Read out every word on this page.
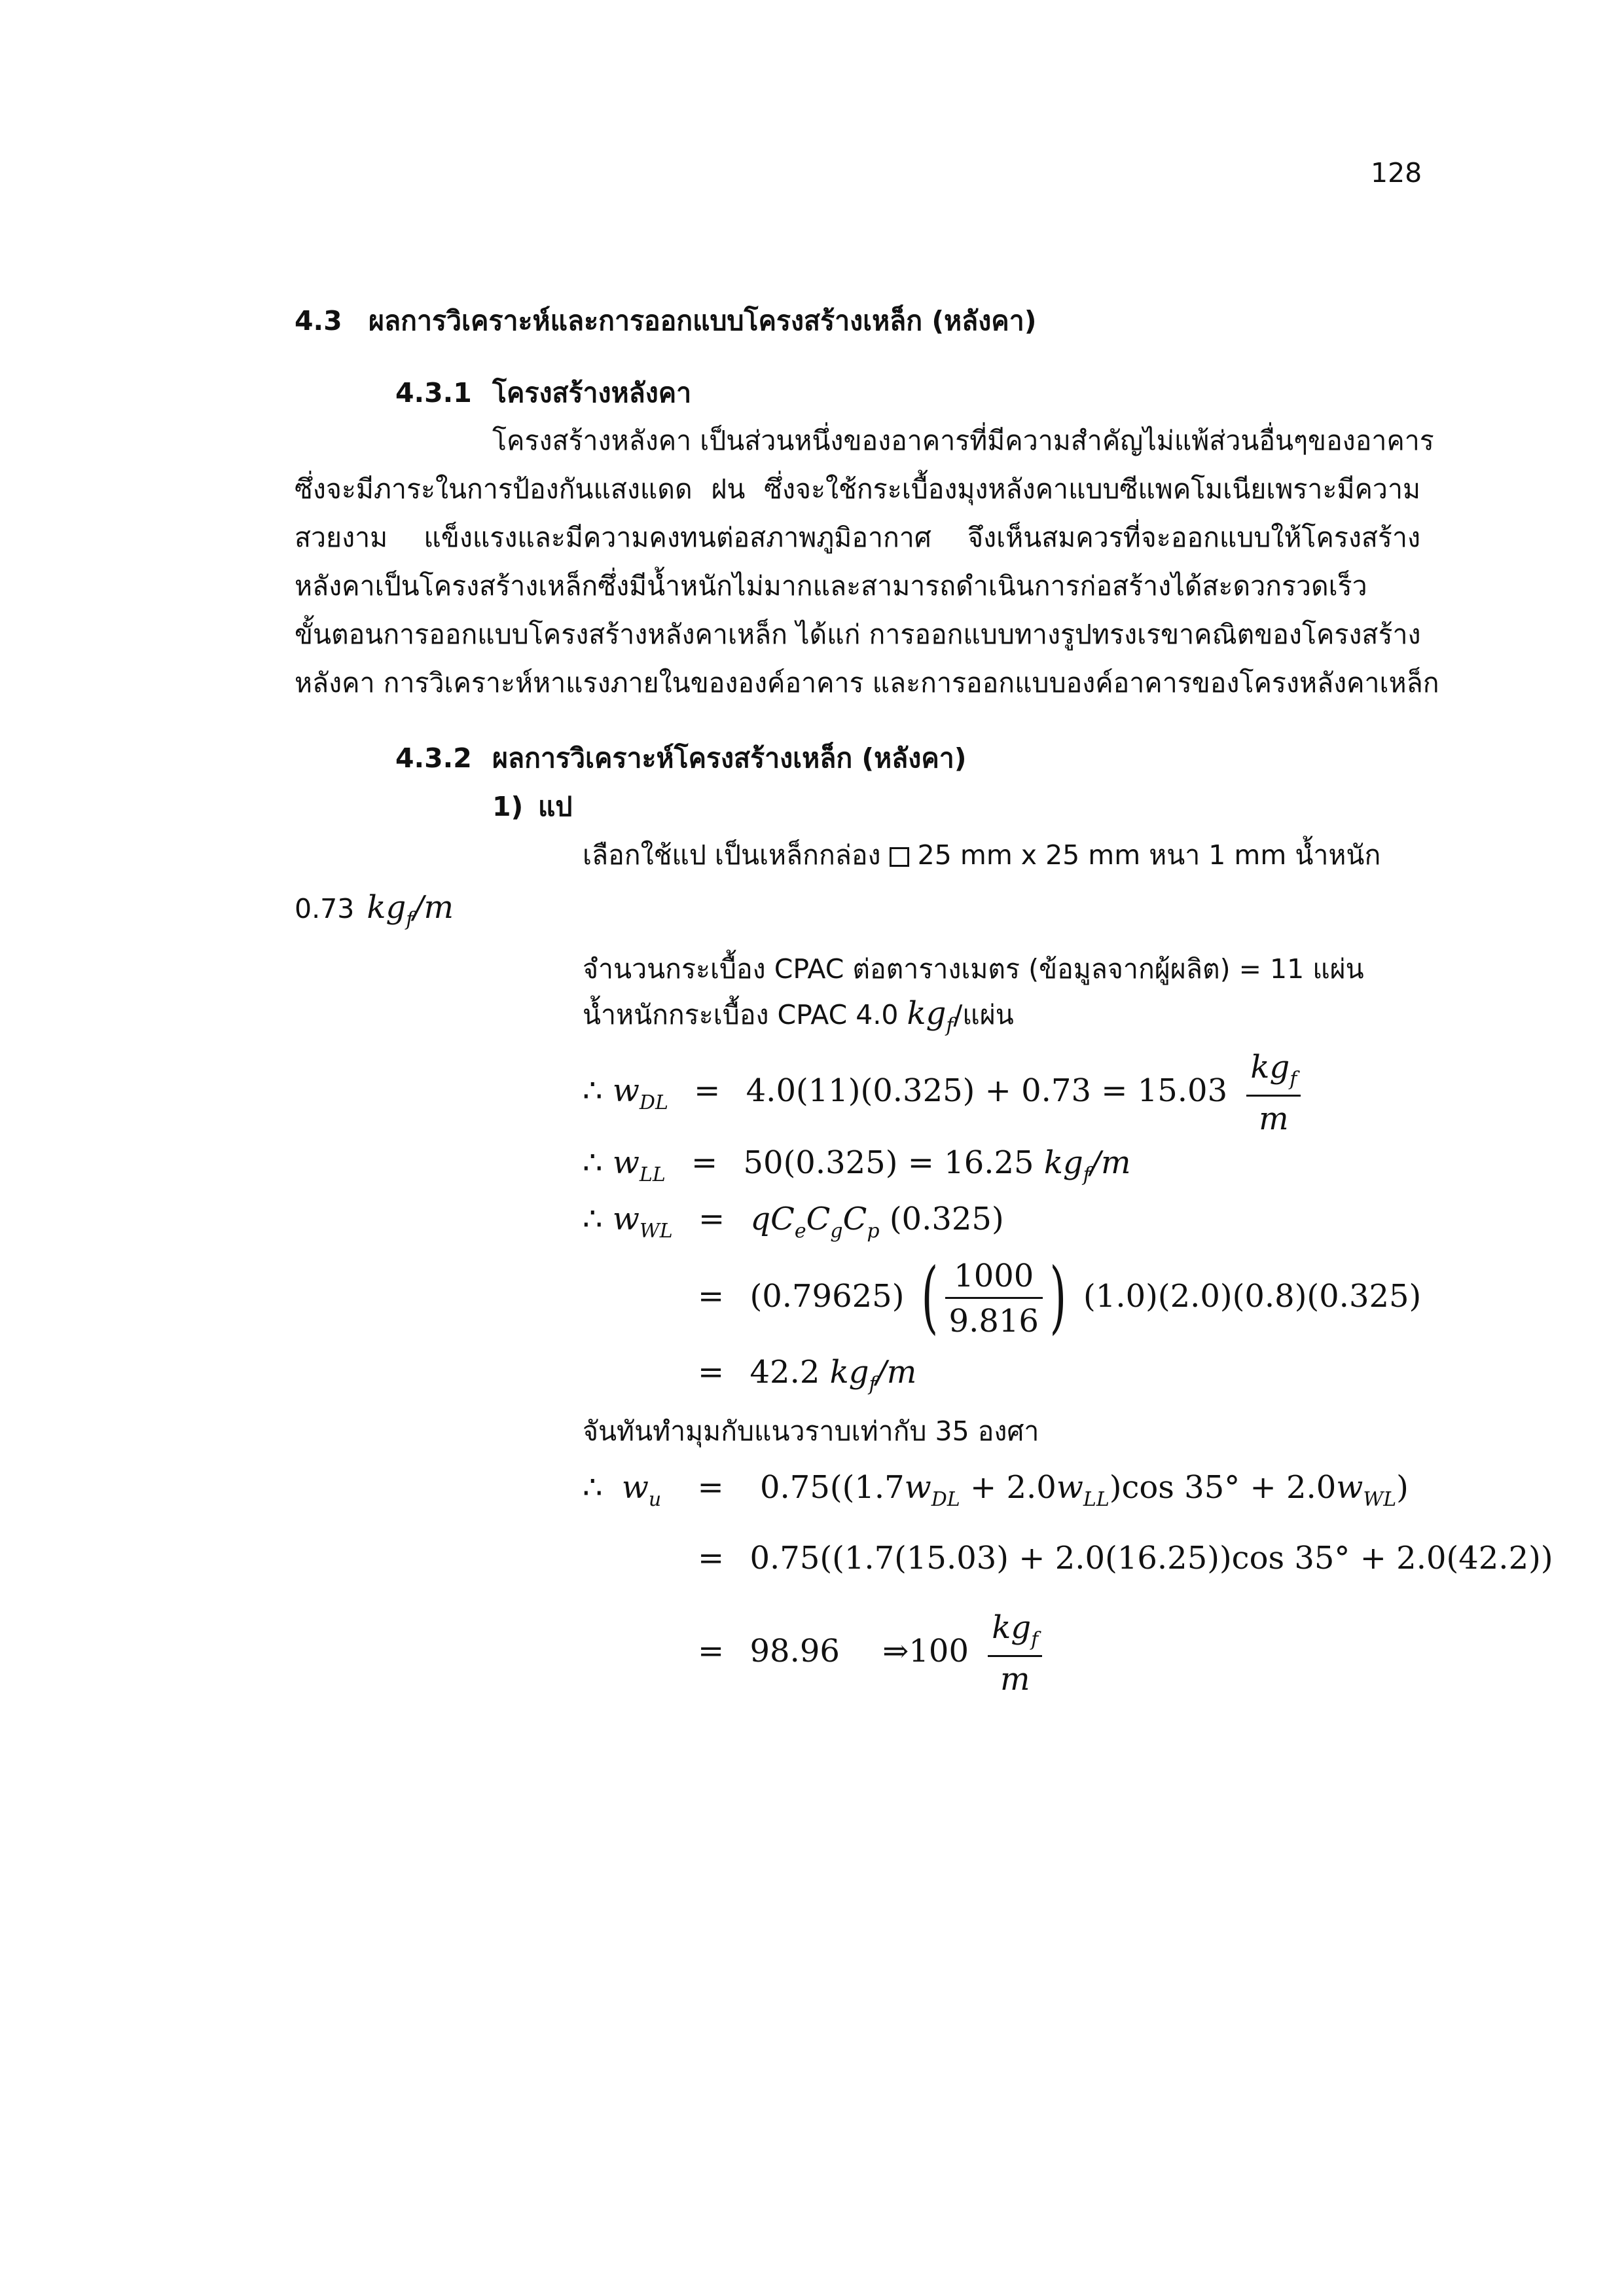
128
4.3 ผลการวิเคราะห์และการออกแบบโครงสร้างเหล็ก (หลังคา)
4.3.1 โครงสร้างหลังคา
โครงสร้างหลังคา เป็นส่วนหนึ่งของอาคารที่มีความสำคัญไม่แพ้ส่วนอื่นๆของอาคาร
ซึ่งจะมีภาระในการป้องกันแสงแดด ฝน ซึ่งจะใช้กระเบื้องมุงหลังคาแบบซีแพคโมเนียเพราะมีความ
สวยงาม แข็งแรงและมีความคงทนต่อสภาพภูมิอากาศ จึงเห็นสมควรที่จะออกแบบให้โครงสร้าง
หลังคาเป็นโครงสร้างเหล็กซึ่งมีน้ำหนักไม่มากและสามารถดำเนินการก่อสร้างได้สะดวกรวดเร็ว
ขั้นตอนการออกแบบโครงสร้างหลังคาเหล็ก ได้แก่ การออกแบบทางรูปทรงเรขาคณิตของโครงสร้าง
หลังคา การวิเคราะห์หาแรงภายในขององค์อาคาร และการออกแบบองค์อาคารของโครงหลังคาเหล็ก
4.3.2 ผลการวิเคราะห์โครงสร้างเหล็ก (หลังคา)
1) แป
เลือกใช้แป เป็นเหล็กกล่อง 25 mm x 25 mm หนา 1 mm น้ำหนัก
0.73 $kg_f/m$
จำนวนกระเบื้อง CPAC ต่อตารางเมตร (ข้อมูลจากผู้ผลิต) = 11 แผ่น
น้ำหนักกระเบื้อง CPAC 4.0 $kg_f/$แผ่น
∴ $w_{DL} = 4.0(11)(0.325) + 0.73 = 15.03 \frac{kg_f}{m}$
∴ $w_{LL} = 50(0.325) = 16.25$ $kg_f/m$
∴ $w_{WL} = qC_eC_gC_p$ (0.325)
= (0.79625) ( $\frac{1000}{9.816}$ ) (1.0)(2.0)(0.8)(0.325)
= 42.2 $kg_f/m$
จันทันทำมุมกับแนวราบเท่ากับ 35 องศา
∴ $w_u = 0.75((1.7w_{DL} + 2.0w_{LL})\cos$ $35^\circ + 2.0w_{WL}$)
= 0.75((1.7(15.03) + 2.0(16.25))cos 35° + 2.0(42.2))
= 98.96 ⇒100 $\frac{kg_f}{m}$
